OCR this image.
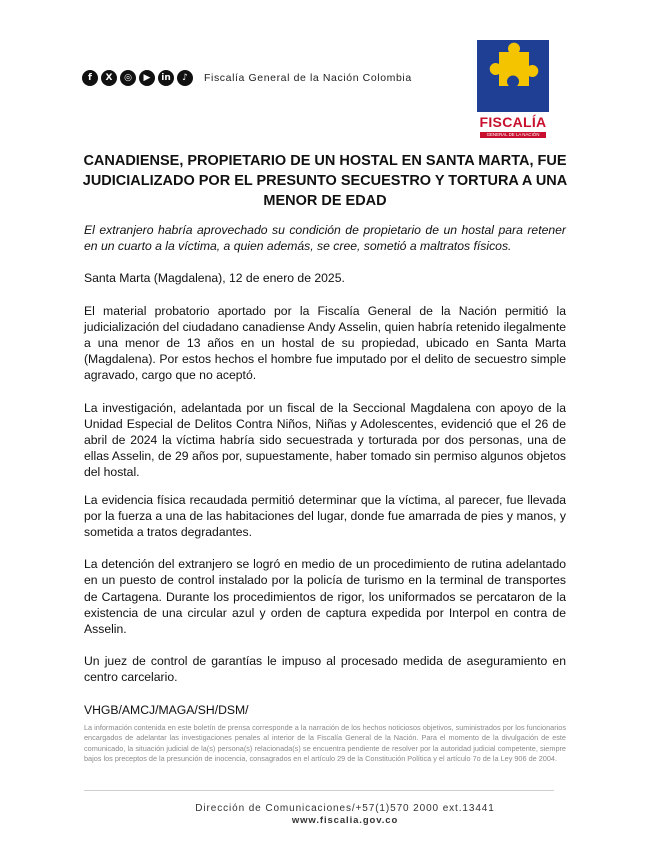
f	X	◎	▶	in	♪	Fiscalía General de la Nación Colombia
FISCALÍA
GENERAL DE LA NACIÓN
CANADIENSE, PROPIETARIO DE UN HOSTAL EN SANTA MARTA, FUE JUDICIALIZADO POR EL PRESUNTO SECUESTRO Y TORTURA A UNA MENOR DE EDAD

El extranjero habría aprovechado su condición de propietario de un hostal para retener en un cuarto a la víctima, a quien además, se cree, sometió a maltratos físicos.

Santa Marta (Magdalena), 12 de enero de 2025.

El material probatorio aportado por la Fiscalía General de la Nación permitió la judicialización del ciudadano canadiense Andy Asselin, quien habría retenido ilegalmente a una menor de 13 años en un hostal de su propiedad, ubicado en Santa Marta (Magdalena). Por estos hechos el hombre fue imputado por el delito de secuestro simple agravado, cargo que no aceptó.

La investigación, adelantada por un fiscal de la Seccional Magdalena con apoyo de la Unidad Especial de Delitos Contra Niños, Niñas y Adolescentes, evidenció que el 26 de abril de 2024 la víctima habría sido secuestrada y torturada por dos personas, una de ellas Asselin, de 29 años por, supuestamente, haber tomado sin permiso algunos objetos del hostal.

La evidencia física recaudada permitió determinar que la víctima, al parecer, fue llevada por la fuerza a una de las habitaciones del lugar, donde fue amarrada de pies y manos, y sometida a tratos degradantes.

La detención del extranjero se logró en medio de un procedimiento de rutina adelantado en un puesto de control instalado por la policía de turismo en la terminal de transportes de Cartagena. Durante los procedimientos de rigor, los uniformados se percataron de la existencia de una circular azul y orden de captura expedida por Interpol en contra de Asselin.

Un juez de control de garantías le impuso al procesado medida de aseguramiento en centro carcelario.

VHGB/AMCJ/MAGA/SH/DSM/

La información contenida en este boletín de prensa corresponde a la narración de los hechos noticiosos objetivos, suministrados por los funcionarios encargados de adelantar las investigaciones penales al interior de la Fiscalía General de la Nación. Para el momento de la divulgación de este comunicado, la situación judicial de la(s) persona(s) relacionada(s) se encuentra pendiente de resolver por la autoridad judicial competente, siempre bajos los preceptos de la presunción de inocencia, consagrados en el artículo 29 de la Constitución Política y el artículo 7o de la Ley 906 de 2004.
Dirección de Comunicaciones/+57(1)570 2000 ext.13441
www.fiscalia.gov.co
